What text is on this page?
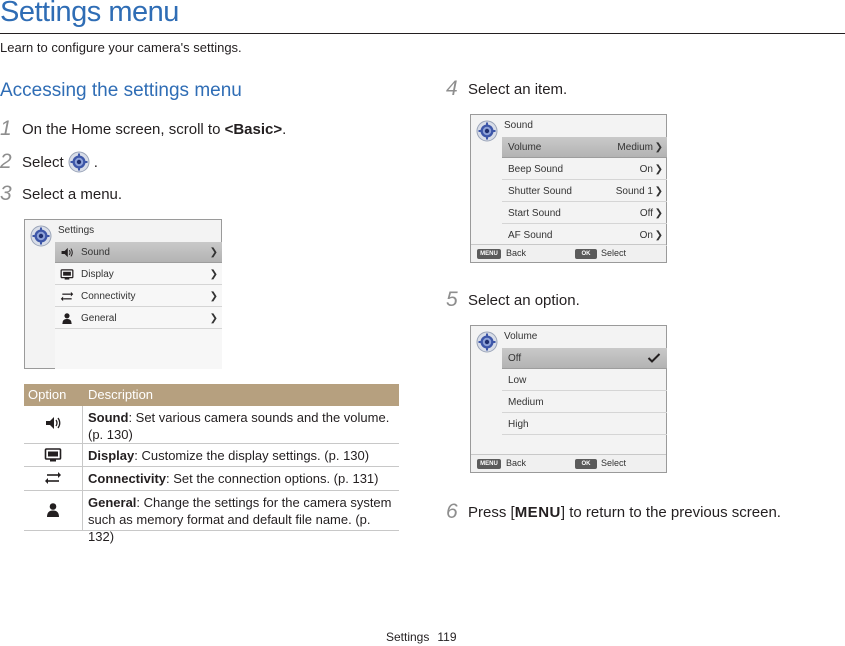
Settings menu
Learn to configure your camera's settings.
Accessing the settings menu
1 On the Home screen, scroll to <Basic> .
2 Select .
3 Select a menu.
Settings
Sound	❯
Display	❯
Connectivity	❯
General	❯
Option Description
Sound: Set various camera sounds and the volume. (p. 130)
Display: Customize the display settings. (p. 130)
Connectivity: Set the connection options. (p. 131)
General: Change the settings for the camera system such as memory format and default file name. (p. 132)
4 Select an item.
Sound
Volume	Medium ❯
Beep Sound	On ❯
Shutter Sound	Sound 1 ❯
Start Sound	Off ❯
AF Sound	On ❯
MENU Back	OK	Select
5 Select an option.
Volume
Off
Low
Medium
High
MENU Back	OK	Select
6 Press [ MENU ] to return to the previous screen.
Settings 119
